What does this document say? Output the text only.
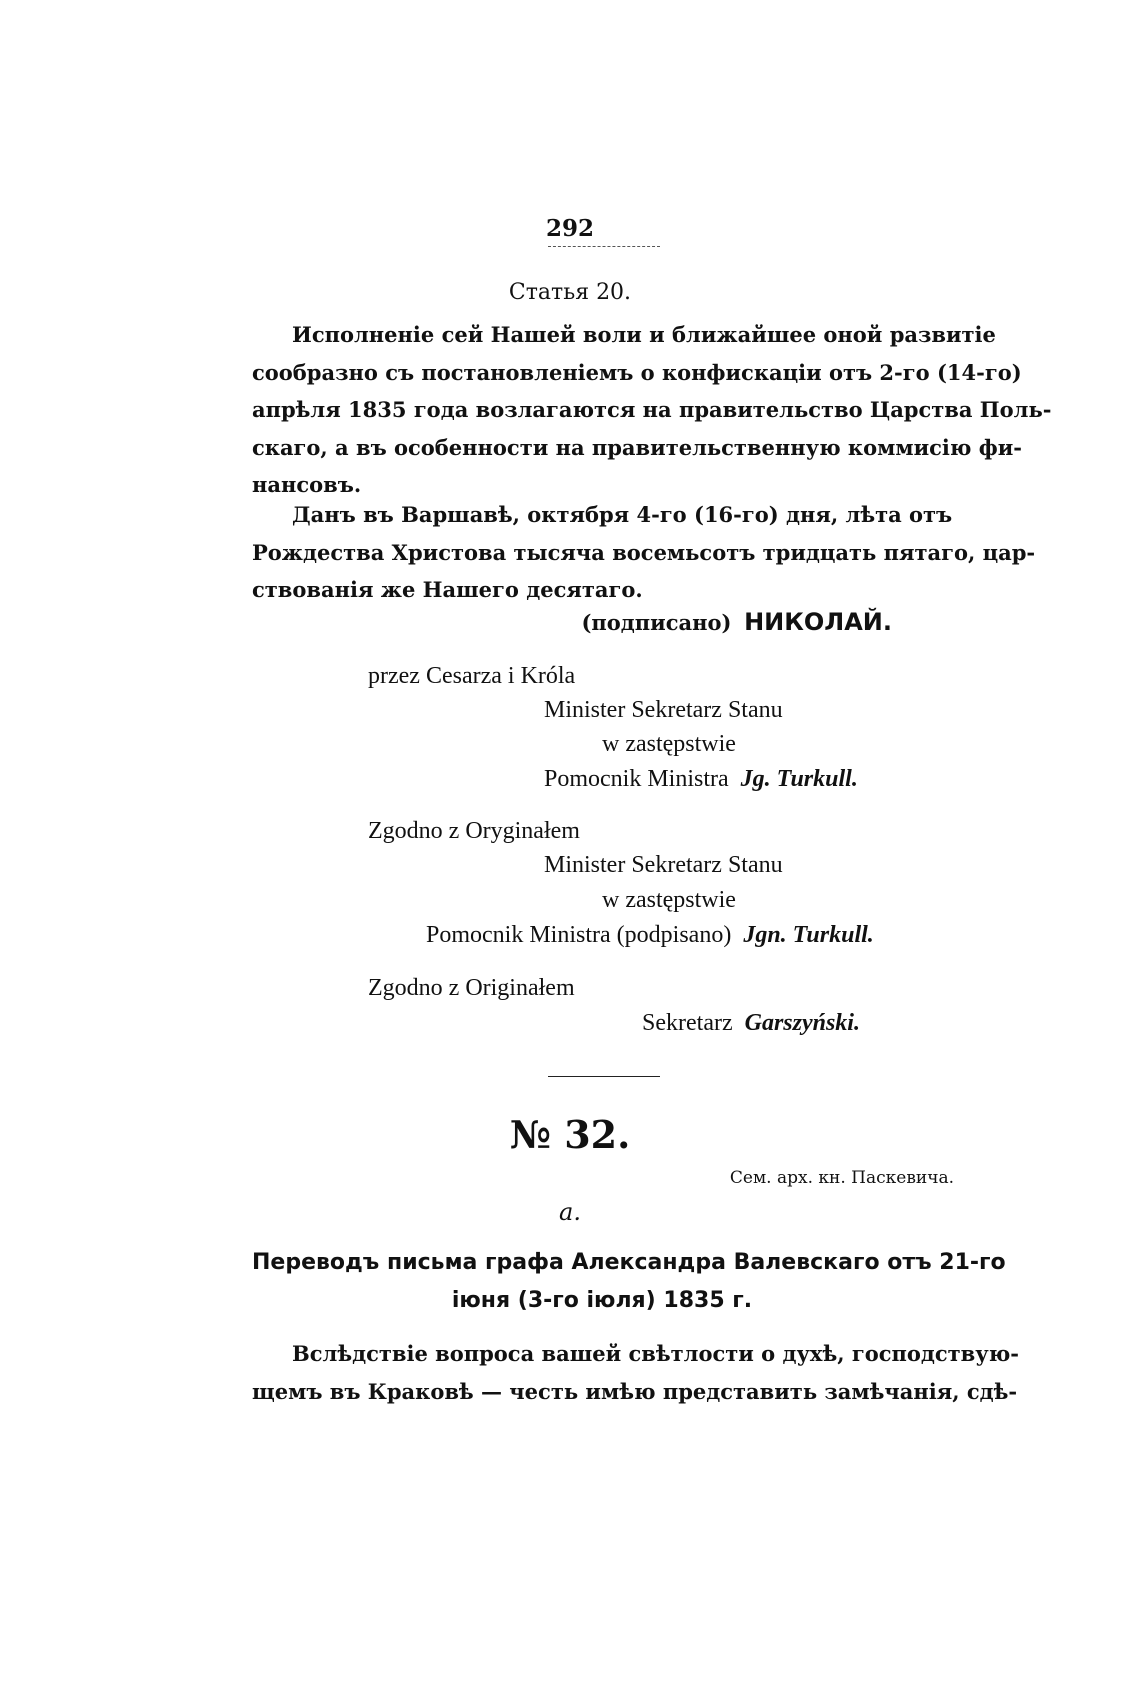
292
Статья 20.
Исполненіе сей Нашей воли и ближайшее оной развитіе
сообразно съ постановленіемъ о конфискаціи отъ 2-го (14-го)
апрѣля 1835 года возлагаются на правительство Царства Поль-
скаго, а въ особенности на правительственную коммисію фи-
нансовъ.
Данъ въ Варшавѣ, октября 4-го (16-го) дня, лѣта отъ
Рождества Христова тысяча восемьсотъ тридцать пятаго, цар-
ствованія же Нашего десятаго.
(подписано) НИКОЛАЙ.
przez Cesarza i Króla
Minister Sekretarz Stanu
w zastępstwie
Pomocnik Ministra Jg. Turkull.
Zgodno z Oryginałem
Minister Sekretarz Stanu
w zastępstwie
Pomocnik Ministra (podpisano) Jgn. Turkull.
Zgodno z Originałem
Sekretarz Garszyński.
№ 32.
Сем. арх. кн. Паскевича.
a.
Переводъ письма графа Александра Валевскаго отъ 21-го
іюня (3-го іюля) 1835 г.
Вслѣдствіе вопроса вашей свѣтлости о духѣ, господствую-
щемъ въ Краковѣ — честь имѣю представить замѣчанія, сдѣ-
